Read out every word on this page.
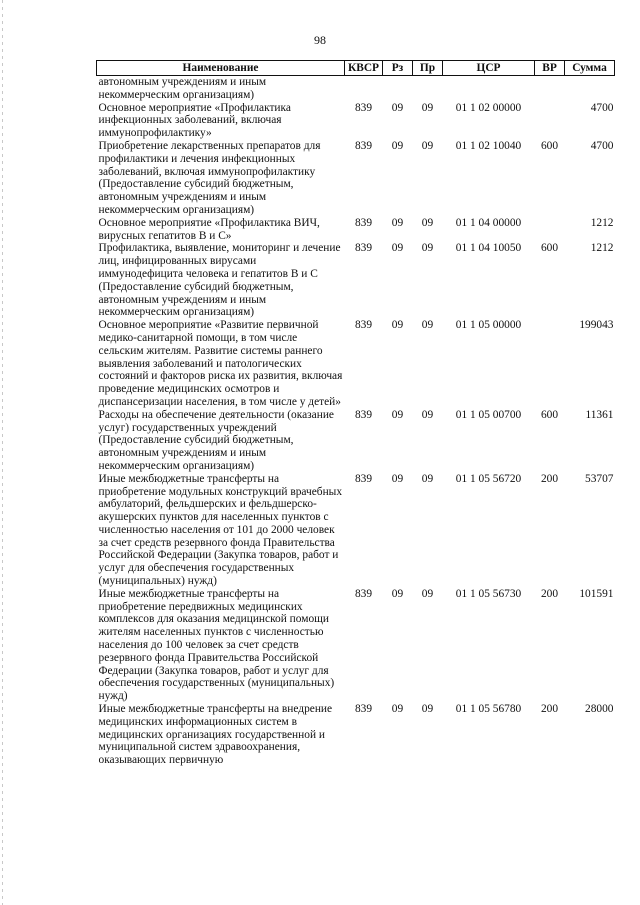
98
Наименование	КВСР	Рз	Пр	ЦСР	ВР	Сумма
автономным учреждениям и иным некоммерческим организациям)						
Основное мероприятие «Профилактика инфекционных заболеваний, включая иммунопрофилактику»	839	09	09	01 1 02 00000		4700
Приобретение лекарственных препаратов для профилактики и лечения инфекционных заболеваний, включая иммунопрофилактику (Предоставление субсидий бюджетным, автономным учреждениям и иным некоммерческим организациям)	839	09	09	01 1 02 10040	600	4700
Основное мероприятие «Профилактика ВИЧ, вирусных гепатитов В и С»	839	09	09	01 1 04 00000		1212
Профилактика, выявление, мониторинг и лечение лиц, инфицированных вирусами иммунодефицита человека и гепатитов В и С (Предоставление субсидий бюджетным, автономным учреждениям и иным некоммерческим организациям)	839	09	09	01 1 04 10050	600	1212
Основное мероприятие «Развитие первичной медико-санитарной помощи, в том числе сельским жителям. Развитие системы раннего выявления заболеваний и патологических состояний и факторов риска их развития, включая проведение медицинских осмотров и диспансеризации населения, в том числе у детей»	839	09	09	01 1 05 00000		199043
Расходы на обеспечение деятельности (оказание услуг) государственных учреждений (Предоставление субсидий бюджетным, автономным учреждениям и иным некоммерческим организациям)	839	09	09	01 1 05 00700	600	11361
Иные межбюджетные трансферты на приобретение модульных конструкций врачебных амбулаторий, фельдшерских и фельдшерско-акушерских пунктов для населенных пунктов с численностью населения от 101 до 2000 человек за счет средств резервного фонда Правительства Российской Федерации (Закупка товаров, работ и услуг для обеспечения государственных (муниципальных) нужд)	839	09	09	01 1 05 56720	200	53707
Иные межбюджетные трансферты на приобретение передвижных медицинских комплексов для оказания медицинской помощи жителям населенных пунктов с численностью населения до 100 человек за счет средств резервного фонда Правительства Российской Федерации (Закупка товаров, работ и услуг для обеспечения государственных (муниципальных) нужд)	839	09	09	01 1 05 56730	200	101591
Иные межбюджетные трансферты на внедрение медицинских информационных систем в медицинских организациях государственной и муниципальной систем здравоохранения, оказывающих первичную	839	09	09	01 1 05 56780	200	28000
